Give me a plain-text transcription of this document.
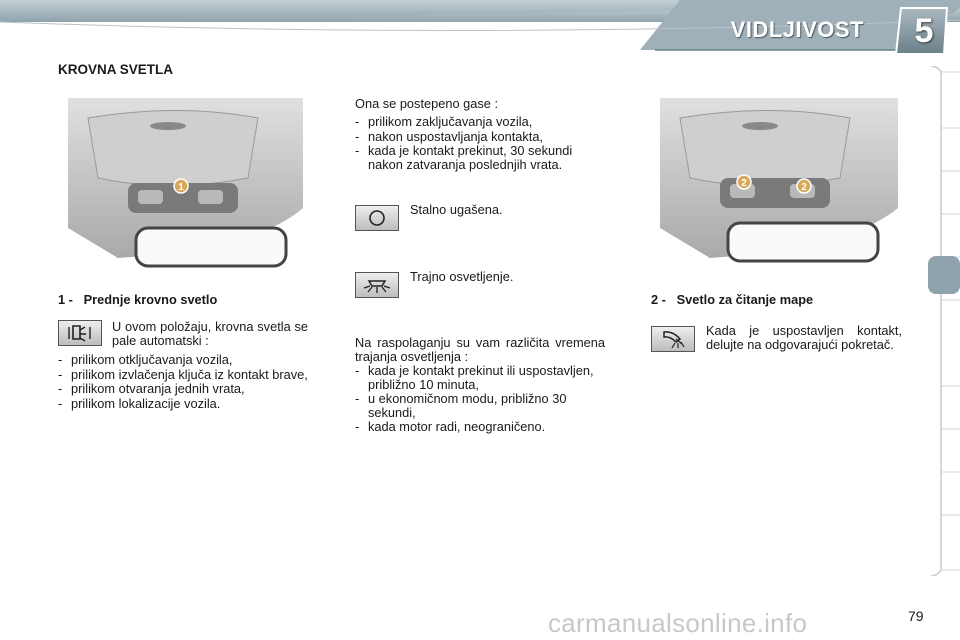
VIDLJIVOST 5
KROVNA SVETLA
1
1 - Prednje krovno svetlo
U ovom položaju, krovna svetla se pale automatski :
- prilikom otključavanja vozila,
- prilikom izvlačenja ključa iz kontakt brave,
- prilikom otvaranja jednih vrata,
- prilikom lokalizacije vozila.
Ona se postepeno gase :
- prilikom zaključavanja vozila,
- nakon uspostavljanja kontakta,
- kada je kontakt prekinut, 30 sekundi nakon zatvaranja poslednjih vrata.
Stalno ugašena.
Trajno osvetljenje.
Na raspolaganju su vam različita vremena trajanja osvetljenja :
- kada je kontakt prekinut ili uspostavljen, približno 10 minuta,
- u ekonomičnom modu, približno 30 sekundi,
- kada motor radi, neograničeno.
2	2
2 - Svetlo za čitanje mape
Kada je uspostavljen kontakt, delujte na odgovarajući pokretač.
79
carmanualsonline.info
